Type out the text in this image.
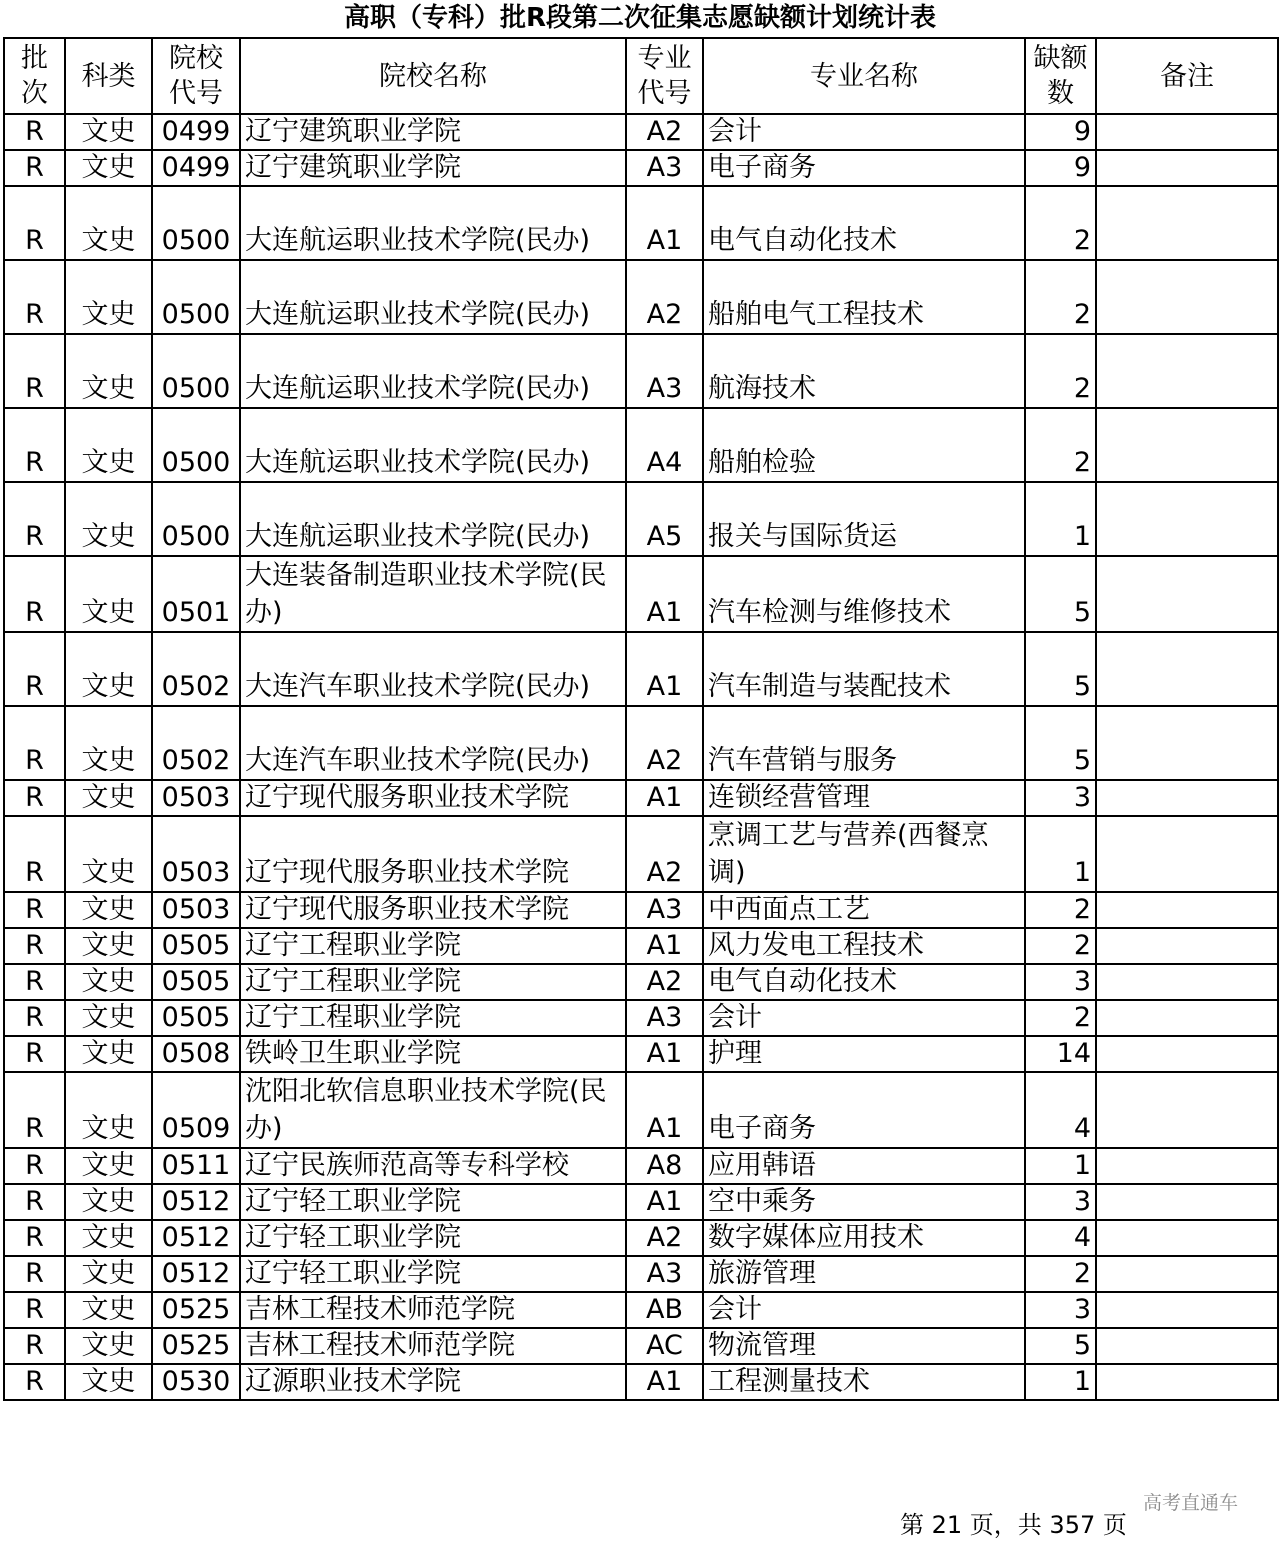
高职（专科）批R段第二次征集志愿缺额计划统计表
批次	科类	院校代号	院校名称	专业代号	专业名称	缺额数	备注
R	文史	0499	辽宁建筑职业学院	A2	会计	9	
R	文史	0499	辽宁建筑职业学院	A3	电子商务	9	
R	文史	0500	大连航运职业技术学院(民办)	A1	电气自动化技术	2	
R	文史	0500	大连航运职业技术学院(民办)	A2	船舶电气工程技术	2	
R	文史	0500	大连航运职业技术学院(民办)	A3	航海技术	2	
R	文史	0500	大连航运职业技术学院(民办)	A4	船舶检验	2	
R	文史	0500	大连航运职业技术学院(民办)	A5	报关与国际货运	1	
R	文史	0501	大连装备制造职业技术学院(民办)	A1	汽车检测与维修技术	5	
R	文史	0502	大连汽车职业技术学院(民办)	A1	汽车制造与装配技术	5	
R	文史	0502	大连汽车职业技术学院(民办)	A2	汽车营销与服务	5	
R	文史	0503	辽宁现代服务职业技术学院	A1	连锁经营管理	3	
R	文史	0503	辽宁现代服务职业技术学院	A2	烹调工艺与营养(西餐烹调)	1	
R	文史	0503	辽宁现代服务职业技术学院	A3	中西面点工艺	2	
R	文史	0505	辽宁工程职业学院	A1	风力发电工程技术	2	
R	文史	0505	辽宁工程职业学院	A2	电气自动化技术	3	
R	文史	0505	辽宁工程职业学院	A3	会计	2	
R	文史	0508	铁岭卫生职业学院	A1	护理	14	
R	文史	0509	沈阳北软信息职业技术学院(民办)	A1	电子商务	4	
R	文史	0511	辽宁民族师范高等专科学校	A8	应用韩语	1	
R	文史	0512	辽宁轻工职业学院	A1	空中乘务	3	
R	文史	0512	辽宁轻工职业学院	A2	数字媒体应用技术	4	
R	文史	0512	辽宁轻工职业学院	A3	旅游管理	2	
R	文史	0525	吉林工程技术师范学院	AB	会计	3	
R	文史	0525	吉林工程技术师范学院	AC	物流管理	5	
R	文史	0530	辽源职业技术学院	A1	工程测量技术	1	
高考直通车
第 21 页，共 357 页
